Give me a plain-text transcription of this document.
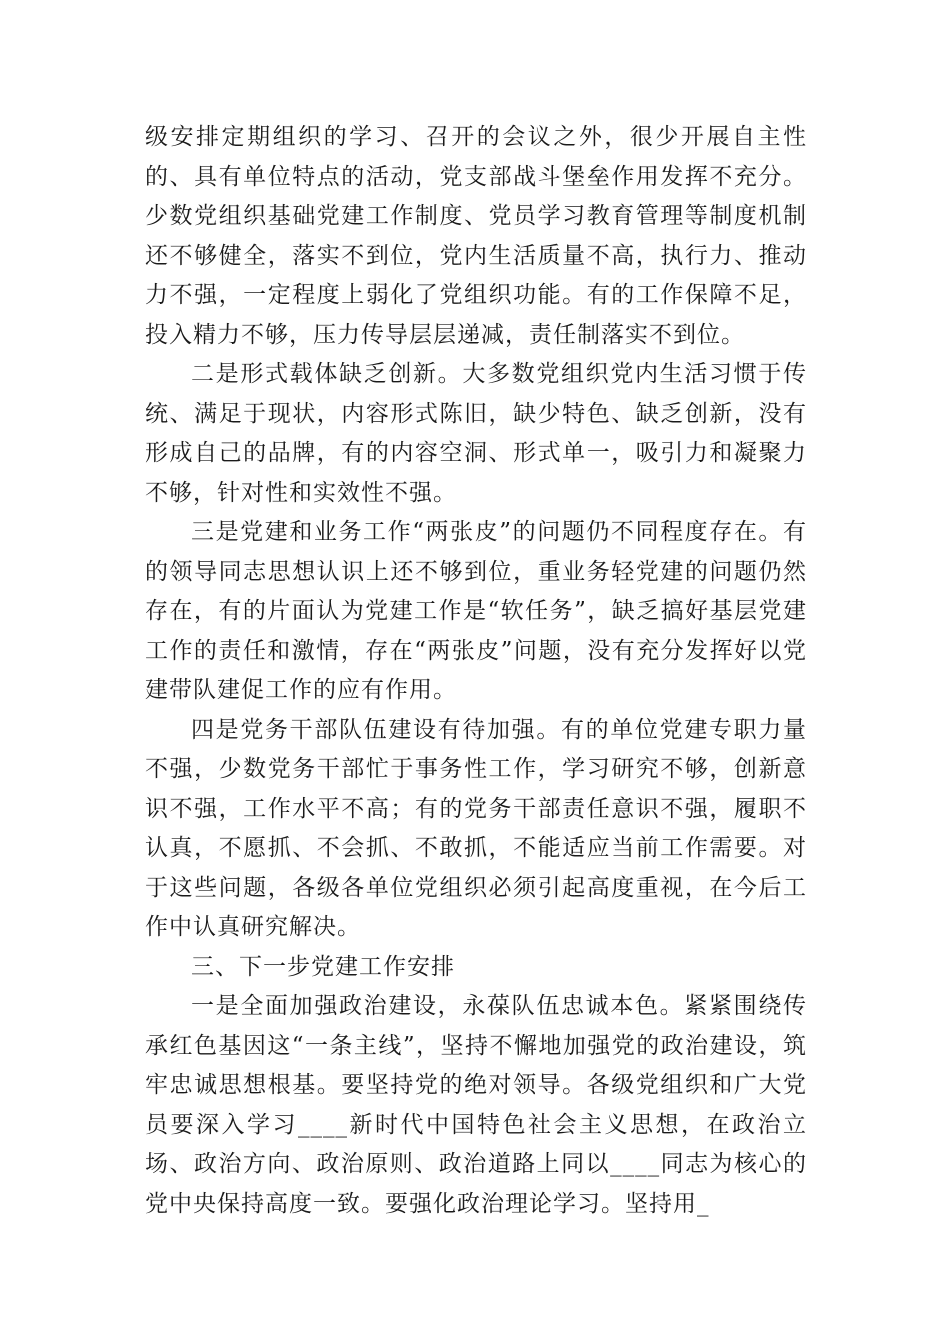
级安排定期组织的学习、召开的会议之外，很少开展自主性的、具有单位特点的活动，党支部战斗堡垒作用发挥不充分。少数党组织基础党建工作制度、党员学习教育管理等制度机制还不够健全，落实不到位，党内生活质量不高，执行力、推动力不强，一定程度上弱化了党组织功能。有的工作保障不足，投入精力不够，压力传导层层递减，责任制落实不到位。

二是形式载体缺乏创新。大多数党组织党内生活习惯于传统、满足于现状，内容形式陈旧，缺少特色、缺乏创新，没有形成自己的品牌，有的内容空洞、形式单一，吸引力和凝聚力不够，针对性和实效性不强。

三是党建和业务工作“两张皮”的问题仍不同程度存在。有的领导同志思想认识上还不够到位，重业务轻党建的问题仍然存在，有的片面认为党建工作是“软任务”，缺乏搞好基层党建工作的责任和激情，存在“两张皮”问题，没有充分发挥好以党建带队建促工作的应有作用。

四是党务干部队伍建设有待加强。有的单位党建专职力量不强，少数党务干部忙于事务性工作，学习研究不够，创新意识不强，工作水平不高；有的党务干部责任意识不强，履职不认真，不愿抓、不会抓、不敢抓，不能适应当前工作需要。对于这些问题，各级各单位党组织必须引起高度重视，在今后工作中认真研究解决。

三、下一步党建工作安排

一是全面加强政治建设，永葆队伍忠诚本色。紧紧围绕传承红色基因这“一条主线”，坚持不懈地加强党的政治建设，筑牢忠诚思想根基。要坚持党的绝对领导。各级党组织和广大党员要深入学习____新时代中国特色社会主义思想，在政治立场、政治方向、政治原则、政治道路上同以____同志为核心的党中央保持高度一致。要强化政治理论学习。坚持用_
